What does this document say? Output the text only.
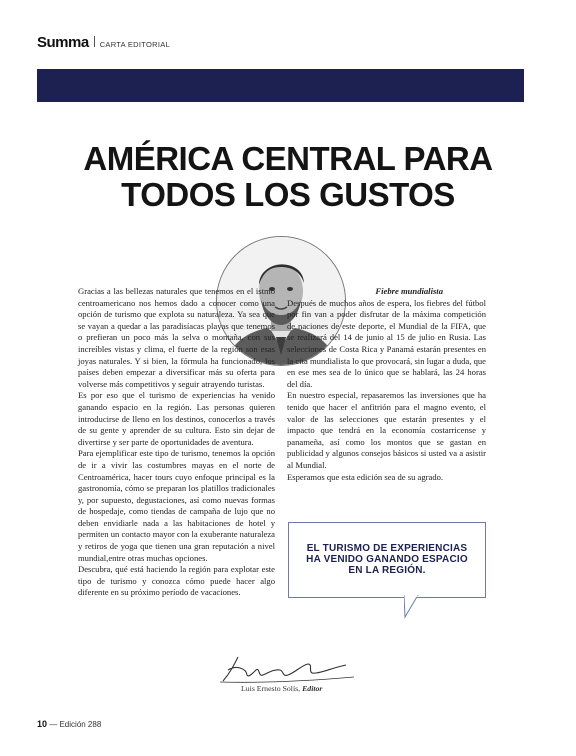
Summa CARTA EDITORIAL
AMÉRICA CENTRAL PARA
TODOS LOS GUSTOS

Gracias a las bellezas naturales que tenemos en el istmo centroamericano nos hemos dado a conocer como una opción de turismo que explota su naturaleza. Ya sea que se vayan a quedar a las paradisíacas playas que tenemos o prefieran un poco más la selva o montaña, con sus increíbles vistas y clima, el fuerte de la región son esas joyas naturales. Y si bien, la fórmula ha funcionado, los países deben empezar a diversificar más su oferta para volverse más competitivos y seguir atrayendo turistas.

Es por eso que el turismo de experiencias ha venido ganando espacio en la región. Las personas quieren introducirse de lleno en los destinos, conocerlos a través de su gente y aprender de su cultura. Esto sin dejar de divertirse y ser parte de oportunidades de aventura.

Para ejemplificar este tipo de turismo, tenemos la opción de ir a vivir las costumbres mayas en el norte de Centroamérica, hacer tours cuyo enfoque principal es la gastronomía, cómo se preparan los platillos tradicionales y, por supuesto, degustaciones, así como nuevas formas de hospedaje, como tiendas de campaña de lujo que no deben envidiarle nada a las habitaciones de hotel y permiten un contacto mayor con la exuberante naturaleza y retiros de yoga que tienen una gran reputación a nivel mundial,entre otras muchas opciones.

Descubra, qué está haciendo la región para explotar este tipo de turismo y conozca cómo puede hacer algo diferente en su próximo período de vacaciones.

Fiebre mundialista

Después de muchos años de espera, los fiebres del fútbol por fin van a poder disfrutar de la máxima competición de naciones de este deporte, el Mundial de la FIFA, que se realizará del 14 de junio al 15 de julio en Rusia. Las selecciones de Costa Rica y Panamá estarán presentes en la cita mundialista lo que provocará, sin lugar a duda, que en ese mes sea de lo único que se hablará, las 24 horas del día.

En nuestro especial, repasaremos las inversiones que ha tenido que hacer el anfitrión para el magno evento, el valor de las selecciones que estarán presentes y el impacto que tendrá en la economía costarricense y panameña, así como los montos que se gastan en publicidad y algunos consejos básicos si usted va a asistir al Mundial.

Esperamos que esta edición sea de su agrado.

EL TURISMO DE EXPERIENCIAS
HA VENIDO GANANDO ESPACIO
EN LA REGIÓN.
Luis Ernesto Solís, Editor
10 — Edición 288
